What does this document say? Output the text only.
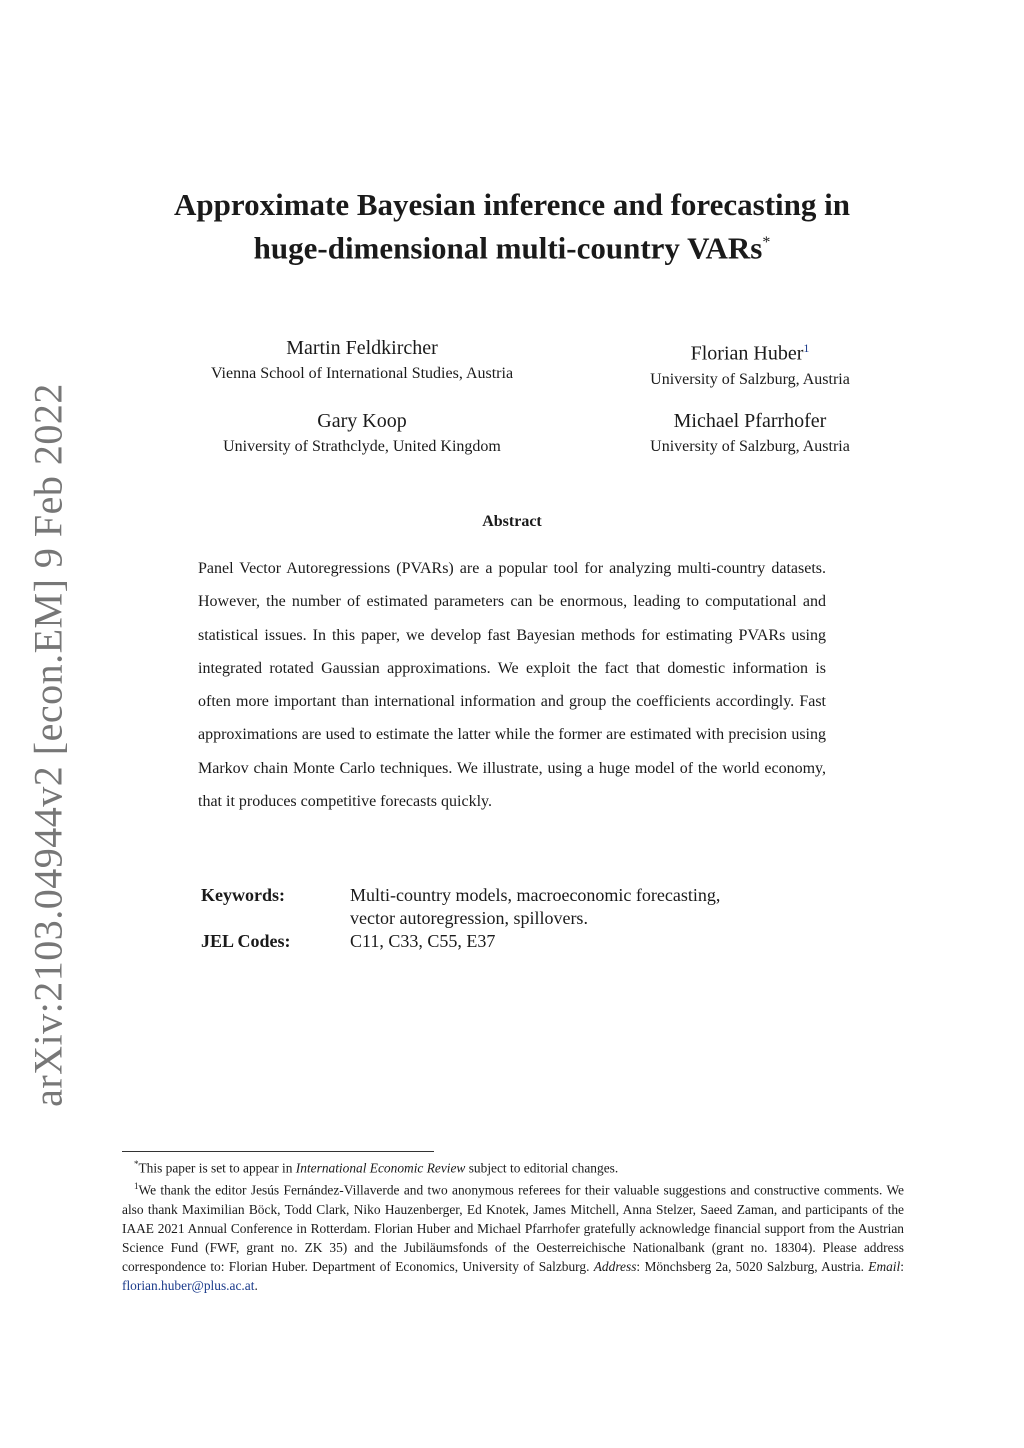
arXiv:2103.04944v2 [econ.EM] 9 Feb 2022
Approximate Bayesian inference and forecasting in
huge-dimensional multi-country VARs*
Martin Feldkircher
Vienna School of International Studies, Austria
Florian Huber$^1$
University of Salzburg, Austria
Gary Koop
University of Strathclyde, United Kingdom
Michael Pfarrhofer
University of Salzburg, Austria
Abstract
Panel Vector Autoregressions (PVARs) are a popular tool for analyzing multi-country datasets. However, the number of estimated parameters can be enormous, leading to computational and statistical issues. In this paper, we develop fast Bayesian methods for estimating PVARs using integrated rotated Gaussian approximations. We exploit the fact that domestic information is often more important than international information and group the coefficients accordingly. Fast approximations are used to estimate the latter while the former are estimated with precision using Markov chain Monte Carlo techniques. We illustrate, using a huge model of the world economy, that it produces competitive forecasts quickly.
Keywords:	Multi-country models, macroeconomic forecasting,
vector autoregression, spillovers.
JEL Codes:	C11, C33, C55, E37

*This paper is set to appear in International Economic Review subject to editorial changes.

$^1$We thank the editor Jesús Fernández-Villaverde and two anonymous referees for their valuable suggestions and constructive comments. We also thank Maximilian Böck, Todd Clark, Niko Hauzenberger, Ed Knotek, James Mitchell, Anna Stelzer, Saeed Zaman, and participants of the IAAE 2021 Annual Conference in Rotterdam. Florian Huber and Michael Pfarrhofer gratefully acknowledge financial support from the Austrian Science Fund (FWF, grant no. ZK 35) and the Jubiläumsfonds of the Oesterreichische Nationalbank (grant no. 18304). Please address correspondence to: Florian Huber. Department of Economics, University of Salzburg. Address: Mönchsberg 2a, 5020 Salzburg, Austria. Email: florian.huber@plus.ac.at.
